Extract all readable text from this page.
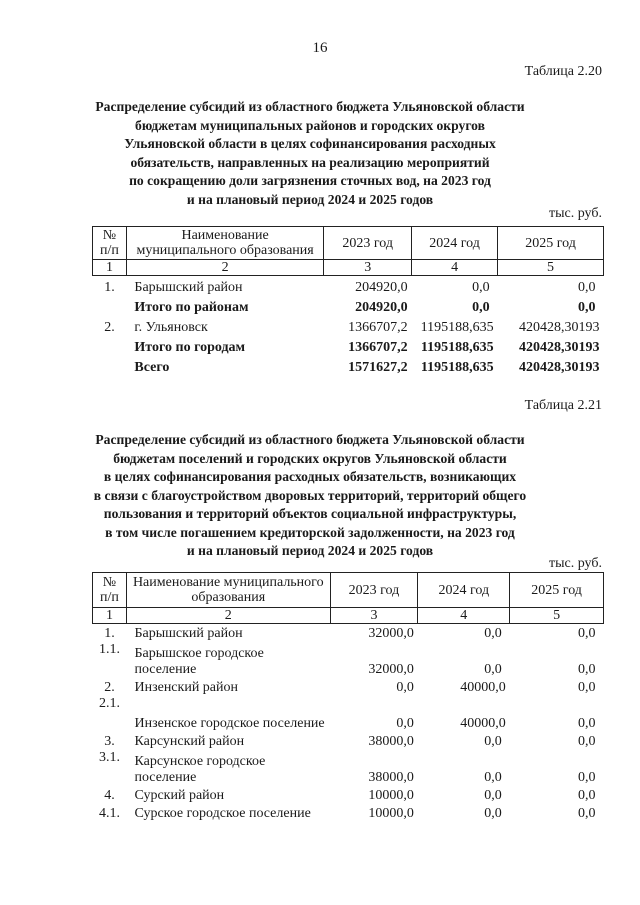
16
Таблица 2.20
Распределение субсидий из областного бюджета Ульяновской области
бюджетам муниципальных районов и городских округов
Ульяновской области в целях софинансирования расходных
обязательств, направленных на реализацию мероприятий
по сокращению доли загрязнения сточных вод, на 2023 год
и на плановый период 2024 и 2025 годов
тыс. руб.
№ п/п	Наименование муниципального образования	2023 год	2024 год	2025 год
1	2	3	4	5
1.	Барышский район	204920,0	0,0	0,0
	Итого по районам	204920,0	0,0	0,0
2.	г. Ульяновск	1366707,2	1195188,635	420428,30193
	Итого по городам	1366707,2	1195188,635	420428,30193
	Всего	1571627,2	1195188,635	420428,30193
Таблица 2.21
Распределение субсидий из областного бюджета Ульяновской области
бюджетам поселений и городских округов Ульяновской области
в целях софинансирования расходных обязательств, возникающих
в связи с благоустройством дворовых территорий, территорий общего
пользования и территорий объектов социальной инфраструктуры,
в том числе погашением кредиторской задолженности, на 2023 год
и на плановый период 2024 и 2025 годов
тыс. руб.
№ п/п	Наименование муниципального образования	2023 год	2024 год	2025 год
1	2	3	4	5
1.	Барышский район	32000,0	0,0	0,0
1.1.	Барышское городское поселение	32000,0	0,0	0,0
2.	Инзенский район	0,0	40000,0	0,0
2.1.	Инзенское городское поселение	0,0	40000,0	0,0
3.	Карсунский район	38000,0	0,0	0,0
3.1.	Карсунское городское поселение	38000,0	0,0	0,0
4.	Сурский район	10000,0	0,0	0,0
4.1.	Сурское городское поселение	10000,0	0,0	0,0
